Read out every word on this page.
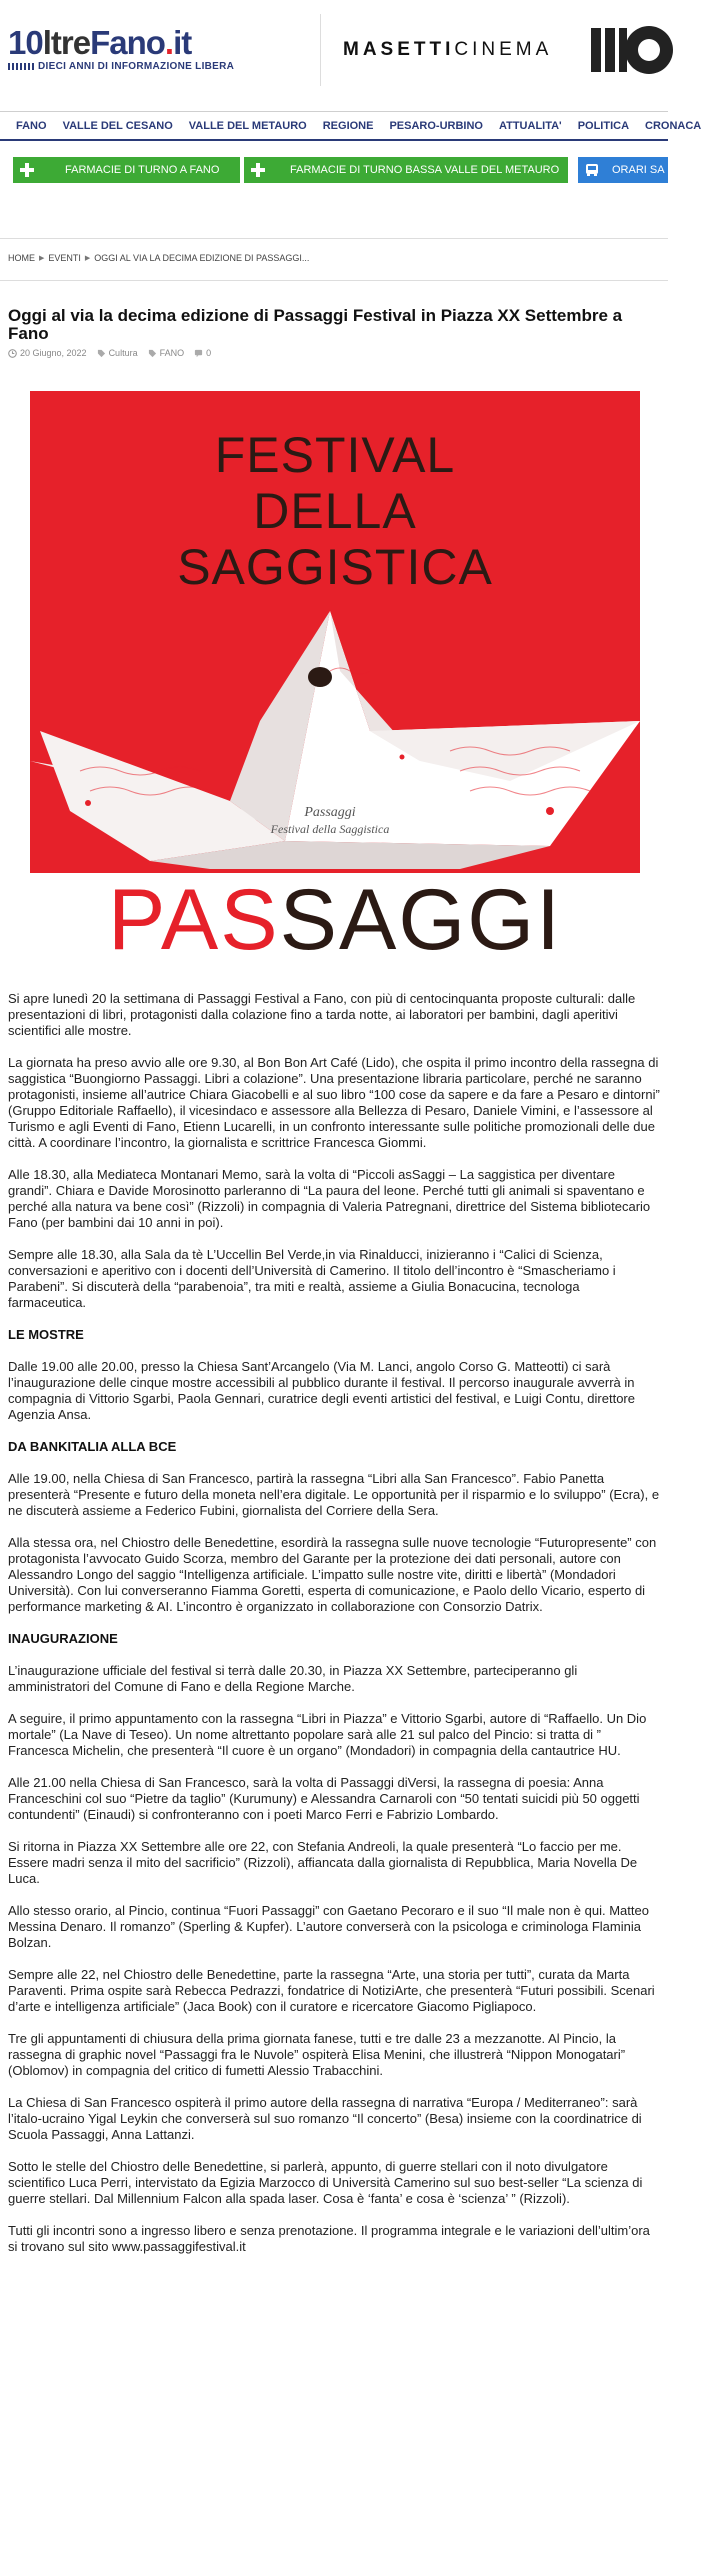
10ltreFano.it
DIECI ANNI DI INFORMAZIONE LIBERA
MASETTICINEMA
FANO	VALLE DEL CESANO	VALLE DEL METAURO	REGIONE	PESARO-URBINO	ATTUALITA'	POLITICA	CRONACA
FARMACIE DI TURNO A FANO	FARMACIE DI TURNO BASSA VALLE DEL METAURO	ORARI SA
HOME ▶ EVENTI ▶ OGGI AL VIA LA DECIMA EDIZIONE DI PASSAGGI...
Oggi al via la decima edizione di Passaggi Festival in Piazza XX Settembre a Fano
20 Giugno, 2022 Cultura FANO 0
FESTIVAL
DELLA
SAGGISTICA
Passaggi
Festival della Saggistica
PASSAGGI

Si apre lunedì 20 la settimana di Passaggi Festival a Fano, con più di centocinquanta proposte culturali: dalle presentazioni di libri, protagonisti dalla colazione fino a tarda notte, ai laboratori per bambini, dagli aperitivi scientifici alle mostre.

La giornata ha preso avvio alle ore 9.30, al Bon Bon Art Café (Lido), che ospita il primo incontro della rassegna di saggistica “Buongiorno Passaggi. Libri a colazione”. Una presentazione libraria particolare, perché ne saranno protagonisti, insieme all’autrice Chiara Giacobelli e al suo libro “100 cose da sapere e da fare a Pesaro e dintorni” (Gruppo Editoriale Raffaello), il vicesindaco e assessore alla Bellezza di Pesaro, Daniele Vimini, e l’assessore al Turismo e agli Eventi di Fano, Etienn Lucarelli, in un confronto interessante sulle politiche promozionali delle due città. A coordinare l’incontro, la giornalista e scrittrice Francesca Giommi.

Alle 18.30, alla Mediateca Montanari Memo, sarà la volta di “Piccoli asSaggi – La saggistica per diventare grandi”. Chiara e Davide Morosinotto parleranno di “La paura del leone. Perché tutti gli animali si spaventano e perché alla natura va bene così” (Rizzoli) in compagnia di Valeria Patregnani, direttrice del Sistema bibliotecario Fano (per bambini dai 10 anni in poi).

Sempre alle 18.30, alla Sala da tè L’Uccellin Bel Verde,in via Rinalducci, inizieranno i “Calici di Scienza, conversazioni e aperitivo con i docenti dell’Università di Camerino. Il titolo dell’incontro è “Smascheriamo i Parabeni”. Si discuterà della “parabenoia”, tra miti e realtà, assieme a Giulia Bonacucina, tecnologa farmaceutica.

LE MOSTRE

Dalle 19.00 alle 20.00, presso la Chiesa Sant’Arcangelo (Via M. Lanci, angolo Corso G. Matteotti) ci sarà l’inaugurazione delle cinque mostre accessibili al pubblico durante il festival. Il percorso inaugurale avverrà in compagnia di Vittorio Sgarbi, Paola Gennari, curatrice degli eventi artistici del festival, e Luigi Contu, direttore Agenzia Ansa.

DA BANKITALIA ALLA BCE

Alle 19.00, nella Chiesa di San Francesco, partirà la rassegna “Libri alla San Francesco”. Fabio Panetta presenterà “Presente e futuro della moneta nell’era digitale. Le opportunità per il risparmio e lo sviluppo” (Ecra), e ne discuterà assieme a Federico Fubini, giornalista del Corriere della Sera.

Alla stessa ora, nel Chiostro delle Benedettine, esordirà la rassegna sulle nuove tecnologie “Futuropresente” con protagonista l’avvocato Guido Scorza, membro del Garante per la protezione dei dati personali, autore con Alessandro Longo del saggio “Intelligenza artificiale. L’impatto sulle nostre vite, diritti e libertà” (Mondadori Università). Con lui converseranno Fiamma Goretti, esperta di comunicazione, e Paolo dello Vicario, esperto di performance marketing & AI. L’incontro è organizzato in collaborazione con Consorzio Datrix.

INAUGURAZIONE

L’inaugurazione ufficiale del festival si terrà dalle 20.30, in Piazza XX Settembre, parteciperanno gli amministratori del Comune di Fano e della Regione Marche.

A seguire, il primo appuntamento con la rassegna “Libri in Piazza” e Vittorio Sgarbi, autore di “Raffaello. Un Dio mortale” (La Nave di Teseo). Un nome altrettanto popolare sarà alle 21 sul palco del Pincio: si tratta di ” Francesca Michelin, che presenterà “Il cuore è un organo” (Mondadori) in compagnia della cantautrice HU.

Alle 21.00 nella Chiesa di San Francesco, sarà la volta di Passaggi diVersi, la rassegna di poesia: Anna Franceschini col suo “Pietre da taglio” (Kurumuny) e Alessandra Carnaroli con “50 tentati suicidi più 50 oggetti contundenti” (Einaudi) si confronteranno con i poeti Marco Ferri e Fabrizio Lombardo.

Si ritorna in Piazza XX Settembre alle ore 22, con Stefania Andreoli, la quale presenterà “Lo faccio per me. Essere madri senza il mito del sacrificio” (Rizzoli), affiancata dalla giornalista di Repubblica, Maria Novella De Luca.

Allo stesso orario, al Pincio, continua “Fuori Passaggi” con Gaetano Pecoraro e il suo “Il male non è qui. Matteo Messina Denaro. Il romanzo” (Sperling & Kupfer). L’autore converserà con la psicologa e criminologa Flaminia Bolzan.

Sempre alle 22, nel Chiostro delle Benedettine, parte la rassegna “Arte, una storia per tutti”, curata da Marta Paraventi. Prima ospite sarà Rebecca Pedrazzi, fondatrice di NotiziArte, che presenterà “Futuri possibili. Scenari d’arte e intelligenza artificiale” (Jaca Book) con il curatore e ricercatore Giacomo Pigliapoco.

Tre gli appuntamenti di chiusura della prima giornata fanese, tutti e tre dalle 23 a mezzanotte. Al Pincio, la rassegna di graphic novel “Passaggi fra le Nuvole” ospiterà Elisa Menini, che illustrerà “Nippon Monogatari” (Oblomov) in compagnia del critico di fumetti Alessio Trabacchini.

La Chiesa di San Francesco ospiterà il primo autore della rassegna di narrativa “Europa / Mediterraneo”: sarà l’italo-ucraino Yigal Leykin che converserà sul suo romanzo “Il concerto” (Besa) insieme con la coordinatrice di Scuola Passaggi, Anna Lattanzi.

Sotto le stelle del Chiostro delle Benedettine, si parlerà, appunto, di guerre stellari con il noto divulgatore scientifico Luca Perri, intervistato da Egizia Marzocco di Università Camerino sul suo best-seller “La scienza di guerre stellari. Dal Millennium Falcon alla spada laser. Cosa è ‘fanta’ e cosa è ‘scienza’ ” (Rizzoli).

Tutti gli incontri sono a ingresso libero e senza prenotazione. Il programma integrale e le variazioni dell’ultim’ora si trovano sul sito www.passaggifestival.it
